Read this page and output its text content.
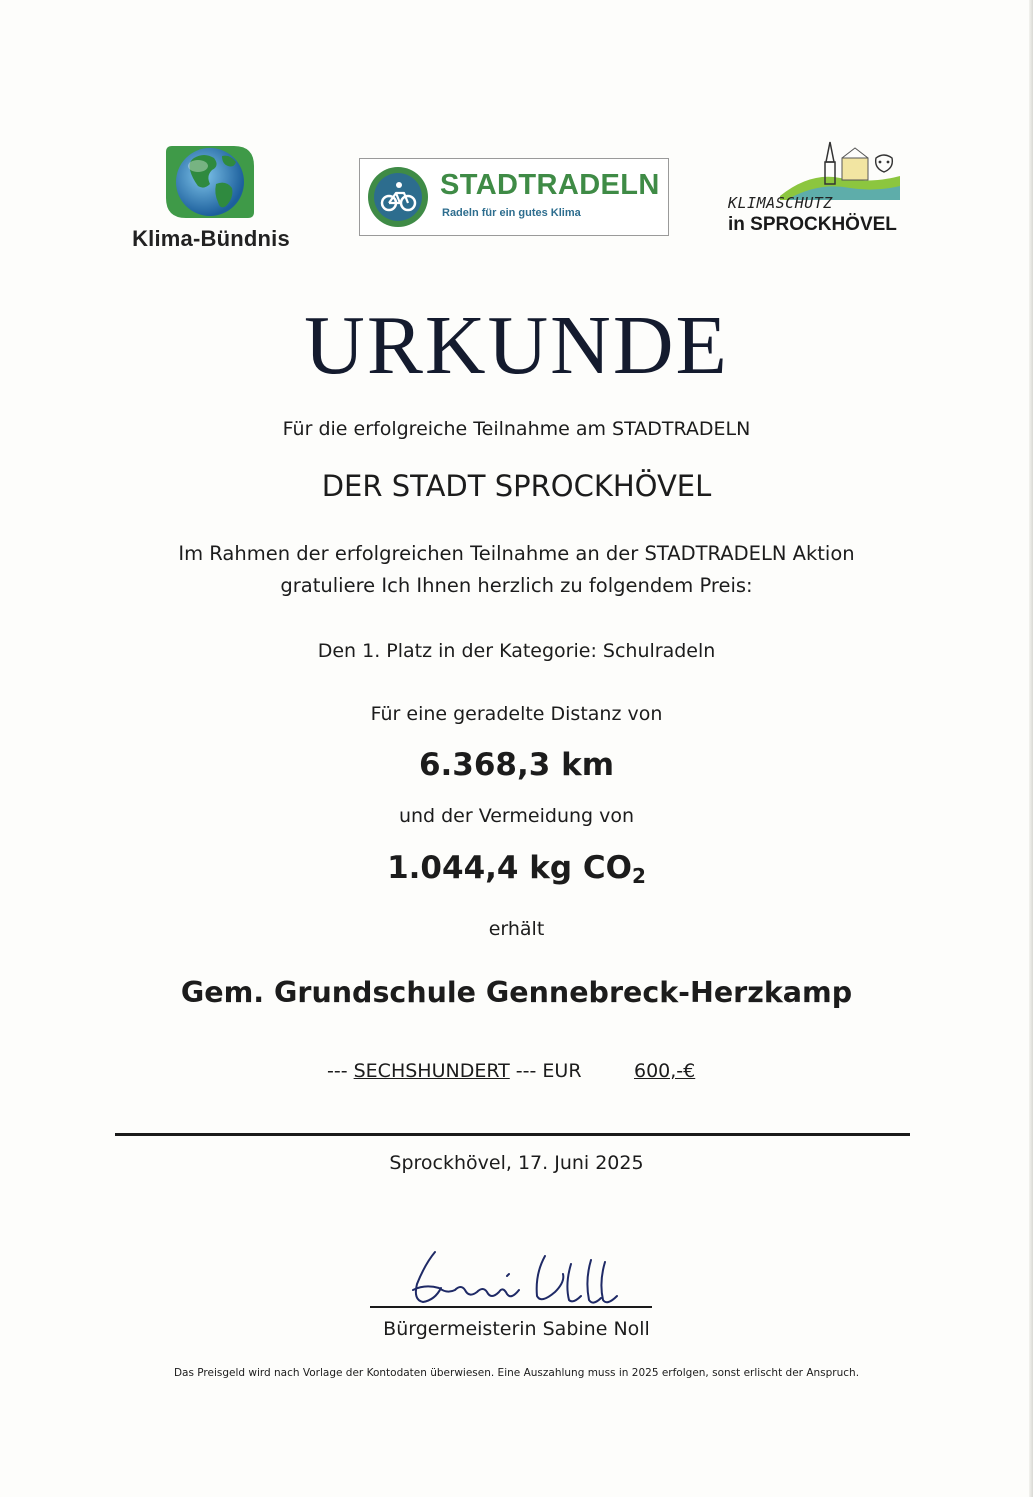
Klima-Bündnis
STADTRADELN
Radeln für ein gutes Klima
KLIMASCHUTZ
in SPROCKHÖVEL
URKUNDE
Für die erfolgreiche Teilnahme am STADTRADELN
DER STADT SPROCKHÖVEL
Im Rahmen der erfolgreichen Teilnahme an der STADTRADELN Aktion
gratuliere Ich Ihnen herzlich zu folgendem Preis:
Den 1. Platz in der Kategorie: Schulradeln
Für eine geradelte Distanz von
6.368,3 km
und der Vermeidung von
1.044,4 kg $CO_2$
erhält
Gem. Grundschule Gennebreck-Herzkamp
--- SECHSHUNDERT --- EUR	600,-€
Sprockhövel, 17. Juni 2025
Bürgermeisterin Sabine Noll
Das Preisgeld wird nach Vorlage der Kontodaten überwiesen. Eine Auszahlung muss in 2025 erfolgen, sonst erlischt der Anspruch.
